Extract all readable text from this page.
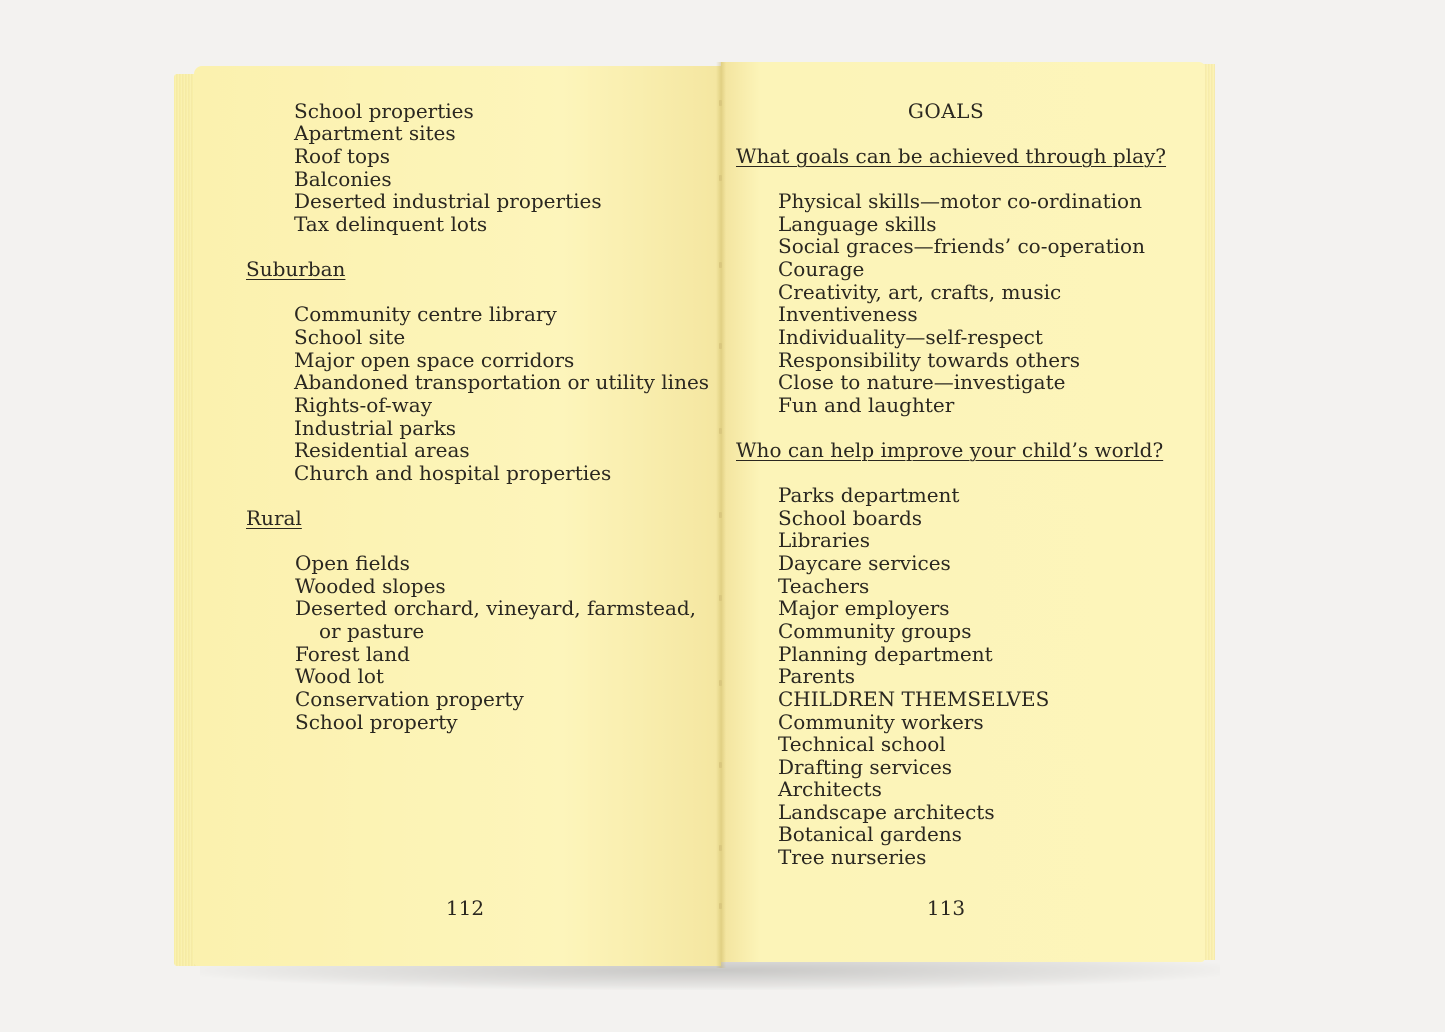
School properties
Apartment sites
Roof tops
Balconies
Deserted industrial properties
Tax delinquent lots
Suburban
Community centre library
School site
Major open space corridors
Abandoned transportation or utility lines
Rights-of-way
Industrial parks
Residential areas
Church and hospital properties
Rural
Open fields
Wooded slopes
Deserted orchard, vineyard, farmstead,
or pasture
Forest land
Wood lot
Conservation property
School property
112
GOALS
What goals can be achieved through play?
Physical skills—motor co-ordination
Language skills
Social graces—friends’ co-operation
Courage
Creativity, art, crafts, music
Inventiveness
Individuality—self-respect
Responsibility towards others
Close to nature—investigate
Fun and laughter
Who can help improve your child’s world?
Parks department
School boards
Libraries
Daycare services
Teachers
Major employers
Community groups
Planning department
Parents
CHILDREN THEMSELVES
Community workers
Technical school
Drafting services
Architects
Landscape architects
Botanical gardens
Tree nurseries
113
